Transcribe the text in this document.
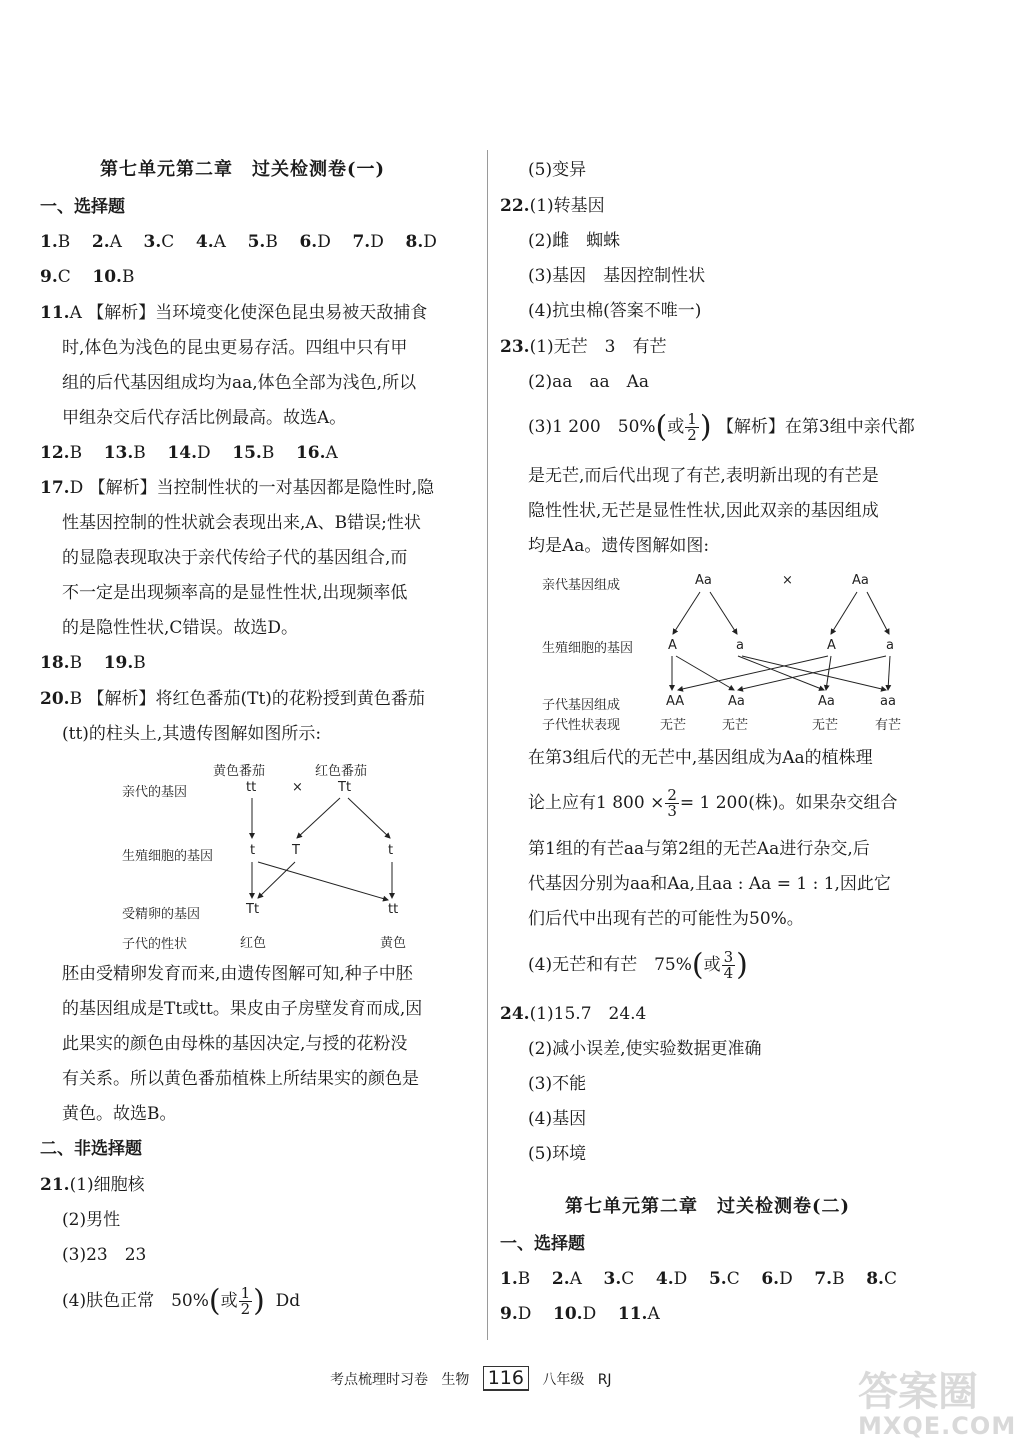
第七单元第二章　过关检测卷(一)
一、选择题
1.B 2.A 3.C 4.A 5.B 6.D 7.D 8.D
9.C 10.B
11.A 【解析】当环境变化使深色昆虫易被天敌捕食
时,体色为浅色的昆虫更易存活。四组中只有甲
组的后代基因组成均为aa,体色全部为浅色,所以
甲组杂交后代存活比例最高。故选A。
12.B 13.B 14.D 15.B 16.A
17.D 【解析】当控制性状的一对基因都是隐性时,隐
性基因控制的性状就会表现出来,A、B错误;性状
的显隐表现取决于亲代传给子代的基因组合,而
不一定是出现频率高的是显性性状,出现频率低
的是隐性性状,C错误。故选D。
18.B 19.B
20.B 【解析】将红色番茄(Tt)的花粉授到黄色番茄
(tt)的柱头上,其遗传图解如图所示:
黄色番茄	红色番茄
亲代的基因	tt	×	Tt
生殖细胞的基因	t	T	t
受精卵的基因	Tt	tt
子代的性状	红色	黄色
胚由受精卵发育而来,由遗传图解可知,种子中胚
的基因组成是Tt或tt。果皮由子房壁发育而成,因
此果实的颜色由母株的基因决定,与授的花粉没
有关系。所以黄色番茄植株上所结果实的颜色是
黄色。故选B。
二、非选择题
21.(1)细胞核
(2)男性
(3)23　23
(4)肤色正常　50%(或 $\frac{1}{2}$ ) Dd
(5)变异
22.(1)转基因
(2)雌　蜘蛛
(3)基因　基因控制性状
(4)抗虫棉(答案不唯一)
23.(1)无芒　3　有芒
(2)aa　aa　Aa
(3)1 200　50%(或 $\frac{1}{2}$ ) 【解析】在第3组中亲代都
是无芒,而后代出现了有芒,表明新出现的有芒是
隐性性状,无芒是显性性状,因此双亲的基因组成
均是Aa。遗传图解如图:
亲代基因组成	Aa	×	Aa
生殖细胞的基因	A	a	A	a
子代基因组成
子代性状表现
AA	Aa	Aa	aa
无芒	无芒	无芒	有芒
在第3组后代的无芒中,基因组成为Aa的植株理
论上应有1 $800 \times \frac{2}{3} = 1$ 200(株)。如果杂交组合
第1组的有芒aa与第2组的无芒Aa进行杂交,后
代基因分别为aa和Aa,且aa : Aa = 1 : 1,因此它
们后代中出现有芒的可能性为50%。
(4)无芒和有芒　75%(或 $\frac{3}{4}$ )
24.(1)15.7　24.4
(2)减小误差,使实验数据更准确
(3)不能
(4)基因
(5)环境
第七单元第二章　过关检测卷(二)
一、选择题
1.B 2.A 3.C 4.D 5.C 6.D 7.B 8.C
9.D 10.D 11.A
考点梳理时习卷 生物 116 八年级 RJ	答案圈
MXQE.COM
